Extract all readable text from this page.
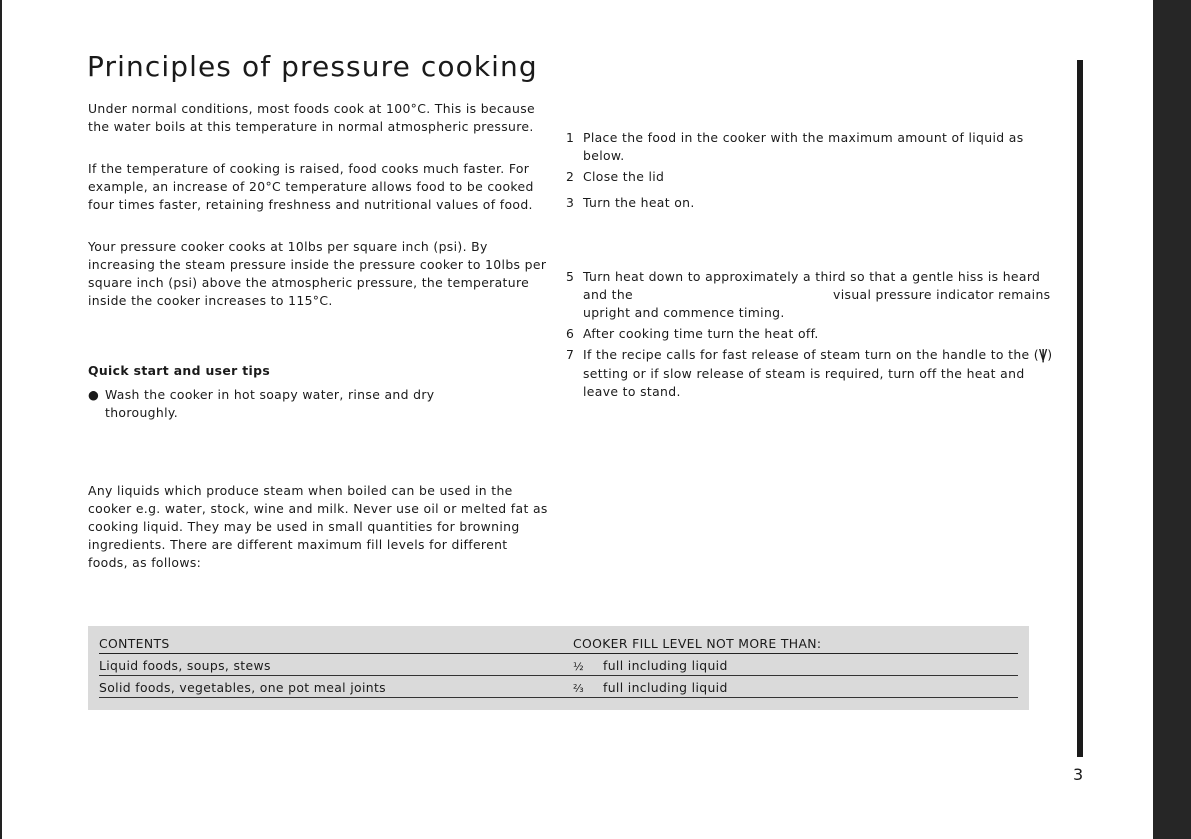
Principles of pressure cooking

Under normal conditions, most foods cook at 100°C. This is because the water boils at this temperature in normal atmospheric pressure.

If the temperature of cooking is raised, food cooks much faster. For example, an increase of 20°C temperature allows food to be cooked four times faster, retaining freshness and nutritional values of food.

Your pressure cooker cooks at 10lbs per square inch (psi). By increasing the steam pressure inside the pressure cooker to 10lbs per square inch (psi) above the atmospheric pressure, the temperature inside the cooker increases to 115°C.

Quick start and user tips
● Wash the cooker in hot soapy water, rinse and dry thoroughly.

Any liquids which produce steam when boiled can be used in the cooker e.g. water, stock, wine and milk. Never use oil or melted fat as cooking liquid. They may be used in small quantities for browning ingredients. There are different maximum fill levels for different foods, as follows:

1 Place the food in the cooker with the maximum amount of liquid as below.
2 Close the lid
3 Turn the heat on.
5 Turn heat down to approximately a third so that a gentle hiss is heard and the	visual pressure indicator remains upright and commence timing.
6 After cooking time turn the heat off.
7 If the recipe calls for fast release of steam turn on the handle to the (\|/ ) setting or if slow release of steam is required, turn off the heat and leave to stand.
CONTENTS	COOKER FILL LEVEL NOT MORE THAN:
Liquid foods, soups, stews	½ full including liquid
Solid foods, vegetables, one pot meal joints	⅔ full including liquid
3
